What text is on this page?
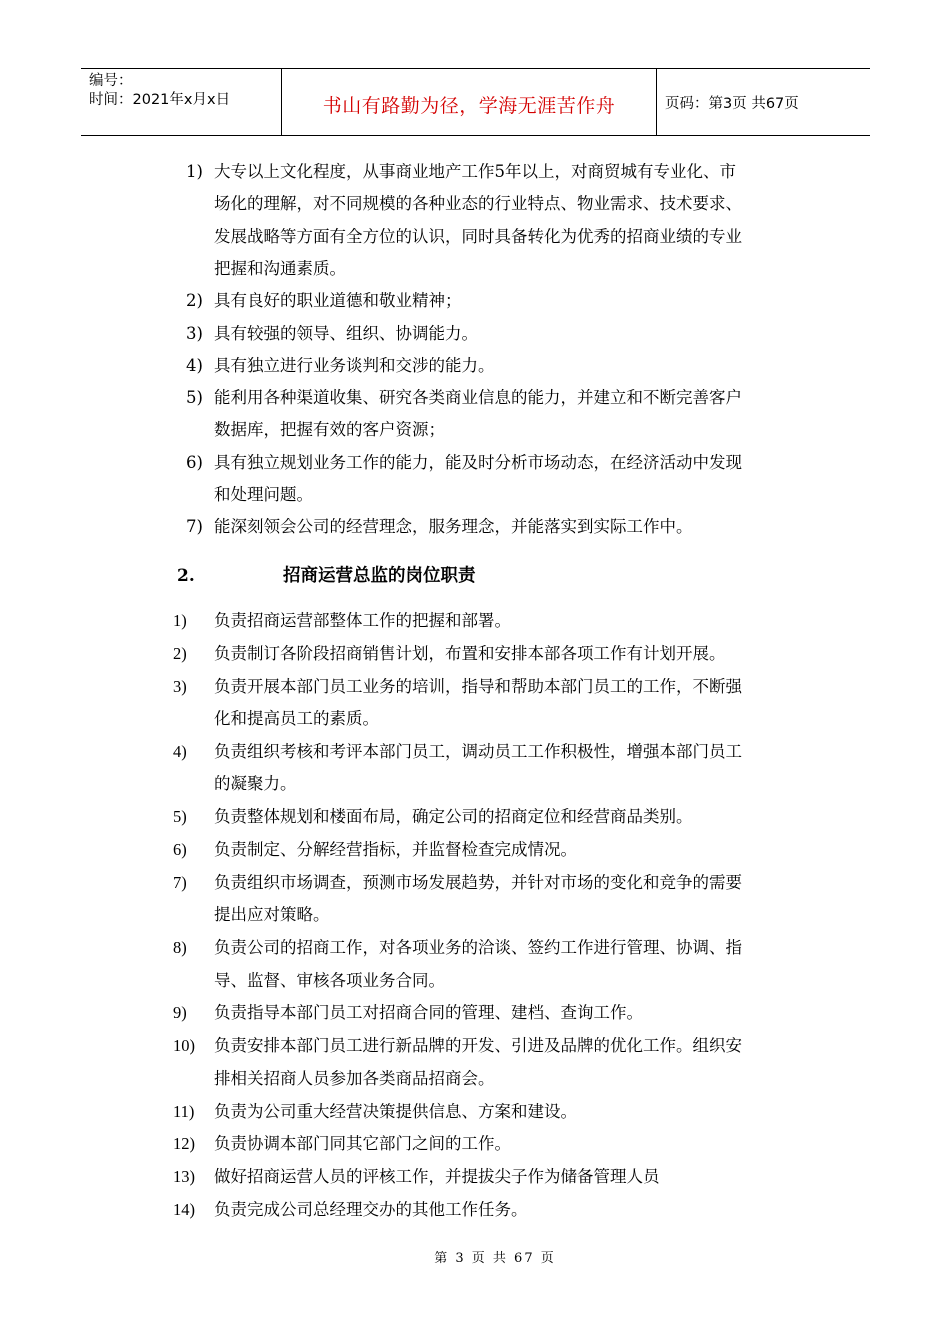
编号：
时间：2021年x月x日	书山有路勤为径，学海无涯苦作舟	页码：第3页 共67页
1) 大专以上文化程度，从事商业地产工作5年以上，对商贸城有专业化、市
场化的理解，对不同规模的各种业态的行业特点、物业需求、技术要求、
发展战略等方面有全方位的认识，同时具备转化为优秀的招商业绩的专业
把握和沟通素质。
2) 具有良好的职业道德和敬业精神；
3) 具有较强的领导、组织、协调能力。
4) 具有独立进行业务谈判和交涉的能力。
5) 能利用各种渠道收集、研究各类商业信息的能力，并建立和不断完善客户
数据库，把握有效的客户资源；
6) 具有独立规划业务工作的能力，能及时分析市场动态，在经济活动中发现
和处理问题。
7) 能深刻领会公司的经营理念，服务理念，并能落实到实际工作中。
2.	招商运营总监的岗位职责
1) 负责招商运营部整体工作的把握和部署。
2) 负责制订各阶段招商销售计划，布置和安排本部各项工作有计划开展。
3) 负责开展本部门员工业务的培训，指导和帮助本部门员工的工作，不断强
化和提高员工的素质。
4) 负责组织考核和考评本部门员工，调动员工工作积极性，增强本部门员工
的凝聚力。
5) 负责整体规划和楼面布局，确定公司的招商定位和经营商品类别。
6) 负责制定、分解经营指标，并监督检查完成情况。
7) 负责组织市场调查，预测市场发展趋势，并针对市场的变化和竞争的需要
提出应对策略。
8) 负责公司的招商工作，对各项业务的洽谈、签约工作进行管理、协调、指
导、监督、审核各项业务合同。
9) 负责指导本部门员工对招商合同的管理、建档、查询工作。
10) 负责安排本部门员工进行新品牌的开发、引进及品牌的优化工作。组织安
排相关招商人员参加各类商品招商会。
11) 负责为公司重大经营决策提供信息、方案和建设。
12) 负责协调本部门同其它部门之间的工作。
13) 做好招商运营人员的评核工作，并提拔尖子作为储备管理人员
14) 负责完成公司总经理交办的其他工作任务。
第 3 页 共 67 页
